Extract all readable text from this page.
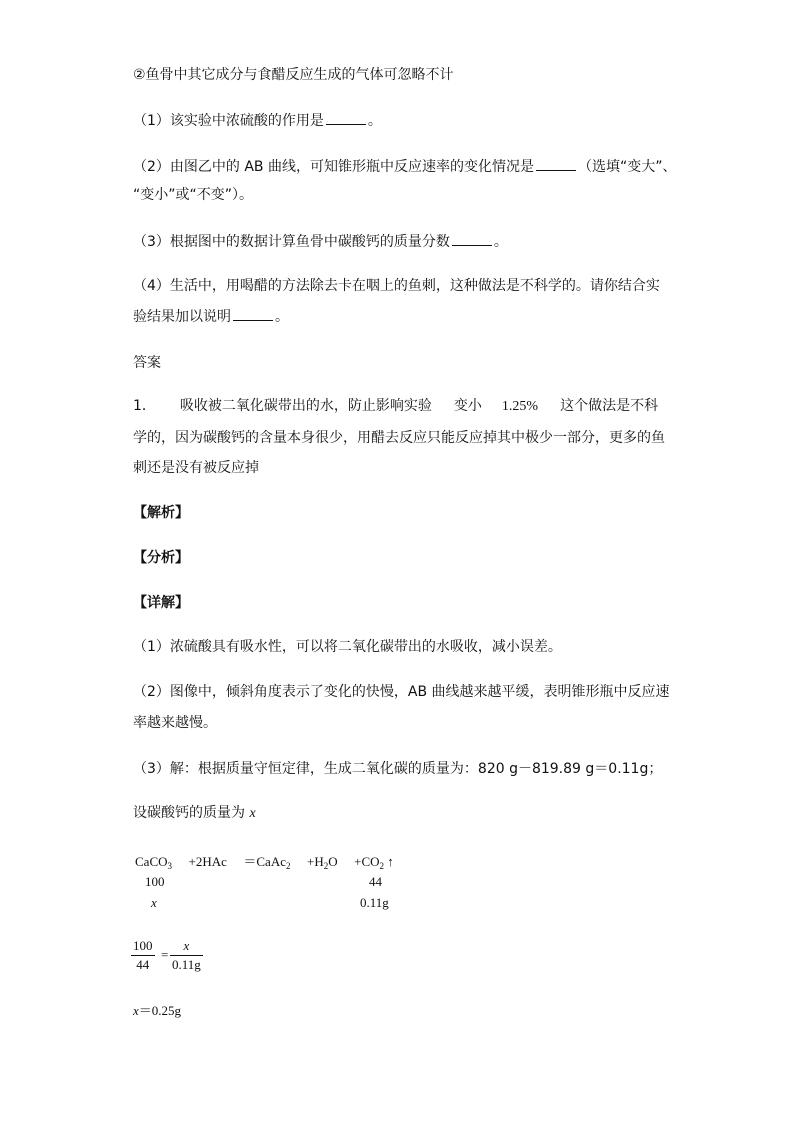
②鱼骨中其它成分与食醋反应生成的气体可忽略不计
（1）该实验中浓硫酸的作用是	。
（2）由图乙中的 AB 曲线，可知锥形瓶中反应速率的变化情况是	（选填“变大”、
“变小”或“不变”）。
（3）根据图中的数据计算鱼骨中碳酸钙的质量分数	。
（4）生活中，用喝醋的方法除去卡在咽上的鱼刺，这种做法是不科学的。请你结合实
验结果加以说明	。
答案
1． 吸收被二氧化碳带出的水，防止影响实验 变小 1.25% 这个做法是不科
学的，因为碳酸钙的含量本身很少，用醋去反应只能反应掉其中极少一部分，更多的鱼
刺还是没有被反应掉
【解析】
【分析】
【详解】
（1）浓硫酸具有吸水性，可以将二氧化碳带出的水吸收，减小误差。
（2）图像中，倾斜角度表示了变化的快慢，AB 曲线越来越平缓，表明锥形瓶中反应速
率越来越慢。
（3）解：根据质量守恒定律，生成二氧化碳的质量为：820 g－819.89 g＝0.11g；
设碳酸钙的质量为 x
CaCO$_3$ +2HAc ＝CaAc$_2$ $+H_2O +CO_2$ ↑
100	44
x	0.11g
100
44
=
x
0.11g
x＝0.25g
